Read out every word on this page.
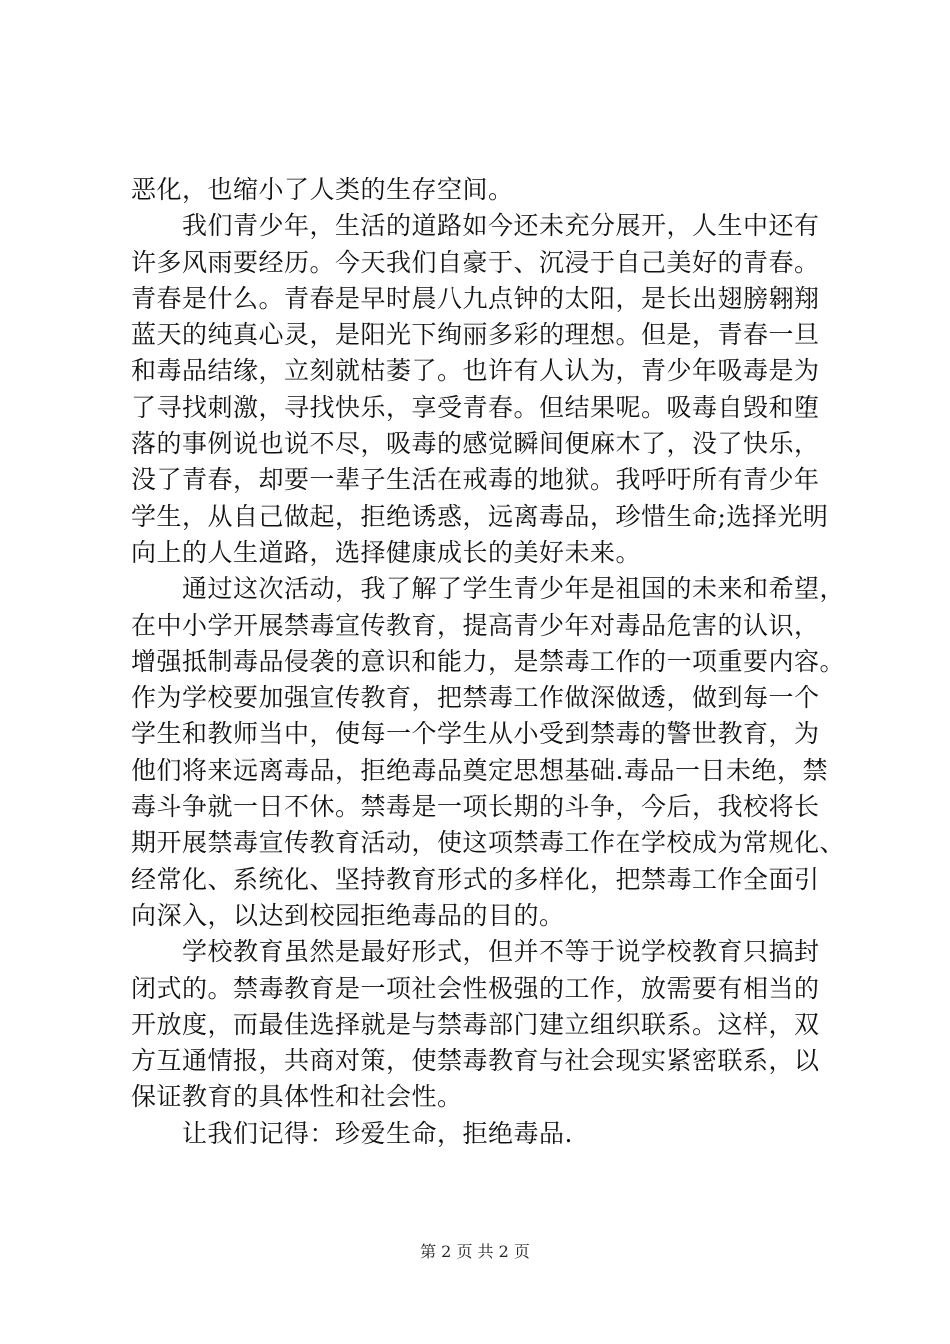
恶化，也缩小了人类的生存空间。
　　我们青少年，生活的道路如今还未充分展开，人生中还有
许多风雨要经历。今天我们自豪于、沉浸于自己美好的青春。
青春是什么。青春是早时晨八九点钟的太阳，是长出翅膀翱翔
蓝天的纯真心灵，是阳光下绚丽多彩的理想。但是，青春一旦
和毒品结缘，立刻就枯萎了。也许有人认为，青少年吸毒是为
了寻找刺激，寻找快乐，享受青春。但结果呢。吸毒自毁和堕
落的事例说也说不尽，吸毒的感觉瞬间便麻木了，没了快乐，
没了青春，却要一辈子生活在戒毒的地狱。我呼吁所有青少年
学生，从自己做起，拒绝诱惑，远离毒品，珍惜生命;选择光明
向上的人生道路，选择健康成长的美好未来。
　　通过这次活动，我了解了学生青少年是祖国的未来和希望，
在中小学开展禁毒宣传教育，提高青少年对毒品危害的认识，
增强抵制毒品侵袭的意识和能力，是禁毒工作的一项重要内容。
作为学校要加强宣传教育，把禁毒工作做深做透，做到每一个
学生和教师当中，使每一个学生从小受到禁毒的警世教育，为
他们将来远离毒品，拒绝毒品奠定思想基础.毒品一日未绝，禁
毒斗争就一日不休。禁毒是一项长期的斗争，今后，我校将长
期开展禁毒宣传教育活动，使这项禁毒工作在学校成为常规化、
经常化、系统化、坚持教育形式的多样化，把禁毒工作全面引
向深入，以达到校园拒绝毒品的目的。
　　学校教育虽然是最好形式，但并不等于说学校教育只搞封
闭式的。禁毒教育是一项社会性极强的工作，放需要有相当的
开放度，而最佳选择就是与禁毒部门建立组织联系。这样，双
方互通情报，共商对策，使禁毒教育与社会现实紧密联系，以
保证教育的具体性和社会性。
　　让我们记得：珍爱生命，拒绝毒品.
第 2 页 共 2 页
